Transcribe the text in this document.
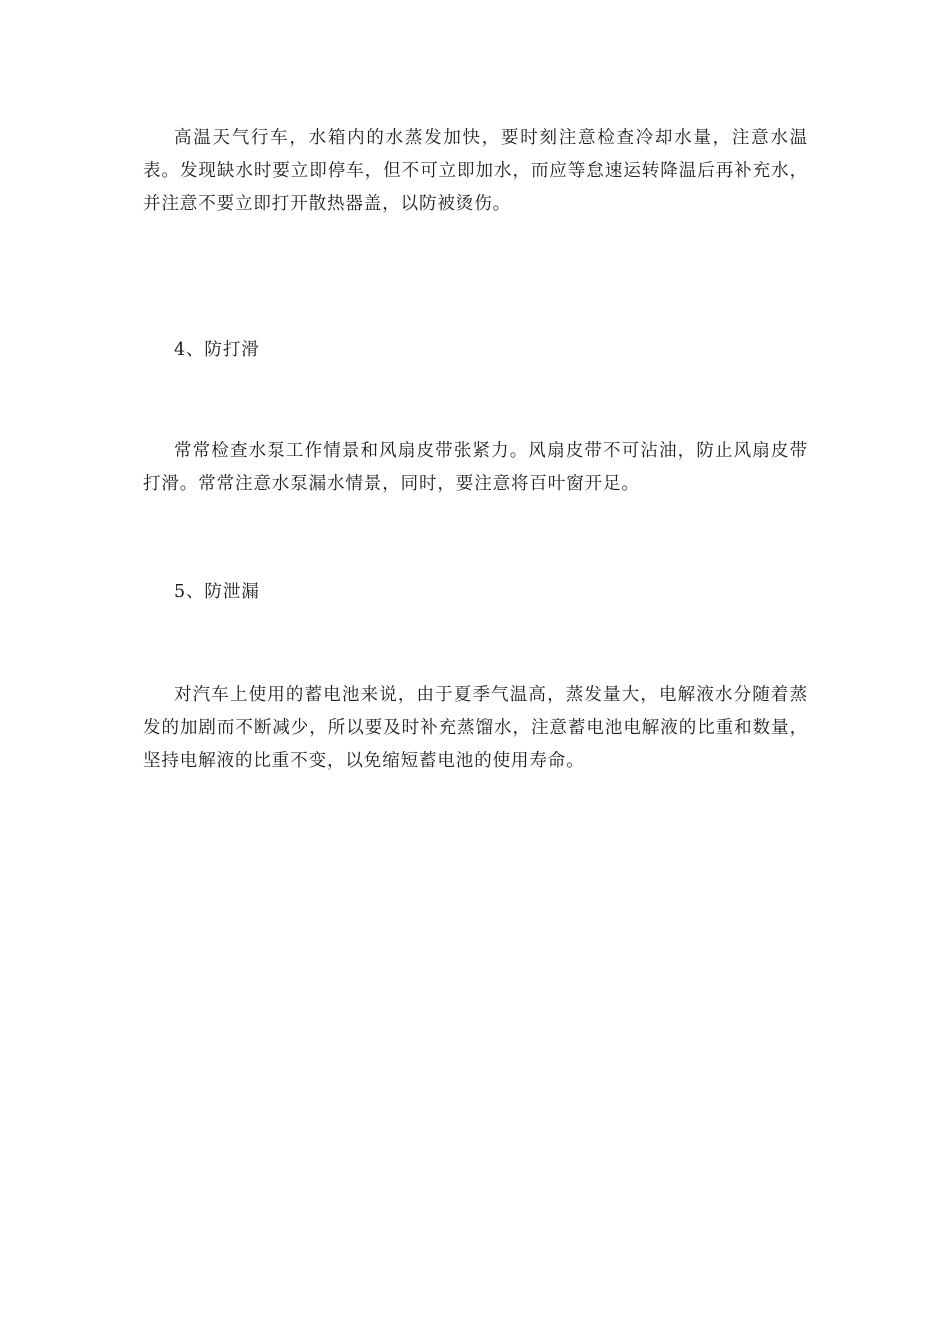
高温天气行车，水箱内的水蒸发加快，要时刻注意检查冷却水量，注意水温表。发现缺水时要立即停车，但不可立即加水，而应等怠速运转降温后再补充水，并注意不要立即打开散热器盖，以防被烫伤。

4、防打滑

常常检查水泵工作情景和风扇皮带张紧力。风扇皮带不可沾油，防止风扇皮带打滑。常常注意水泵漏水情景，同时，要注意将百叶窗开足。

5、防泄漏

对汽车上使用的蓄电池来说，由于夏季气温高，蒸发量大，电解液水分随着蒸发的加剧而不断减少，所以要及时补充蒸馏水，注意蓄电池电解液的比重和数量，坚持电解液的比重不变，以免缩短蓄电池的使用寿命。
